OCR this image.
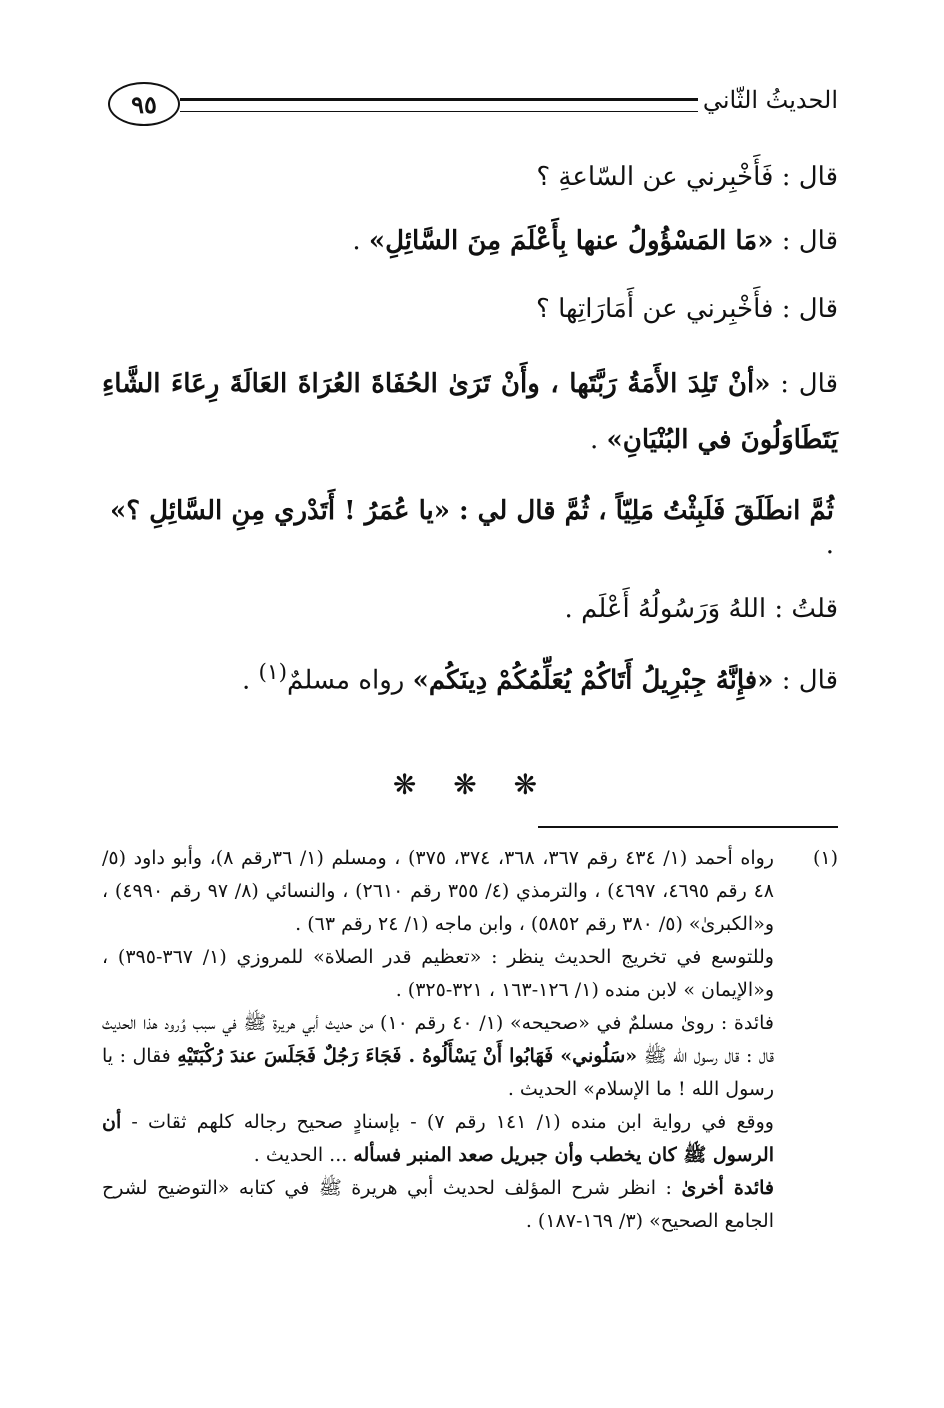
٩٥	الحديثُ الثّاني

قال : فَأَخْبِرني عن السّاعةِ ؟

قال : «مَا المَسْؤُولُ عنها بِأَعْلَمَ مِنَ السَّائِلِ» .

قال : فأَخْبِرني عن أَمَارَاتِها ؟

قال : «أنْ تَلِدَ الأَمَةُ رَبَّتَها ، وأَنْ تَرَىٰ الحُفَاةَ العُرَاةَ العَالَةَ رِعَاءَ الشَّاءِ يَتَطَاوَلُونَ في البُنْيَانِ» .

ثُمَّ انطَلَقَ فَلَبِثْتُ مَلِيّاً ، ثُمَّ قال لي : «يا عُمَرُ ! أَتَدْري مِنِ السَّائِلِ ؟» .

قلتُ : اللهُ وَرَسُولُهُ أَعْلَم .

قال : «فإِنَّهُ جِبْرِيلُ أَتَاكُمْ يُعَلِّمُكُمْ دِينَكُم» رواه مسلمٌ$^{(١)}$ .

❋ ❋ ❋
(١)

رواه أحمد (١/ ٤٣٤ رقم ٣٦٧، ٣٦٨، ٣٧٤، ٣٧٥) ، ومسلم (١/ ٣٦رقم ٨)، وأبو داود (٥/ ٤٨ رقم ٤٦٩٥، ٤٦٩٧) ، والترمذي (٤/ ٣٥٥ رقم ٢٦١٠) ، والنسائي (٨/ ٩٧ رقم ٤٩٩٠) ، و«الكبرىٰ» (٥/ ٣٨٠ رقم ٥٨٥٢) ، وابن ماجه (١/ ٢٤ رقم ٦٣) .

وللتوسع في تخريج الحديث ينظر : «تعظيم قدر الصلاة» للمروزي (١/ ٣٦٧-٣٩٥) ، و«الإيمان » لابن منده (١/ ١٢٦-١٦٣ ، ٣٢١-٣٢٥) .

فائدة : روىٰ مسلمٌ في «صحيحه» (١/ ٤٠ رقم ١٠) من حديث أبي هريرة ﷺ في سبب وُرود هذا الحديث قال : قال رسول الله ﷺ «سَلُوني» فَهَابُوا أَنْ يَسْأَلُوهُ . فَجَاءَ رَجُلٌ فَجَلَسَ عندَ رُكْبَتَيْهِ فقال : يا رسول الله ! ما الإسلام» الحديث .

ووقع في رواية ابن منده (١/ ١٤١ رقم ٧) - بإسنادٍ صحيح رجاله كلهم ثقات - أن الرسول ﷺ كان يخطب وأن جبريل صعد المنبر فسأله ... الحديث .

فائدة أخرىٰ : انظر شرح المؤلف لحديث أبي هريرة ﷺ في كتابه «التوضيح لشرح الجامع الصحيح» (٣/ ١٦٩-١٨٧) .
